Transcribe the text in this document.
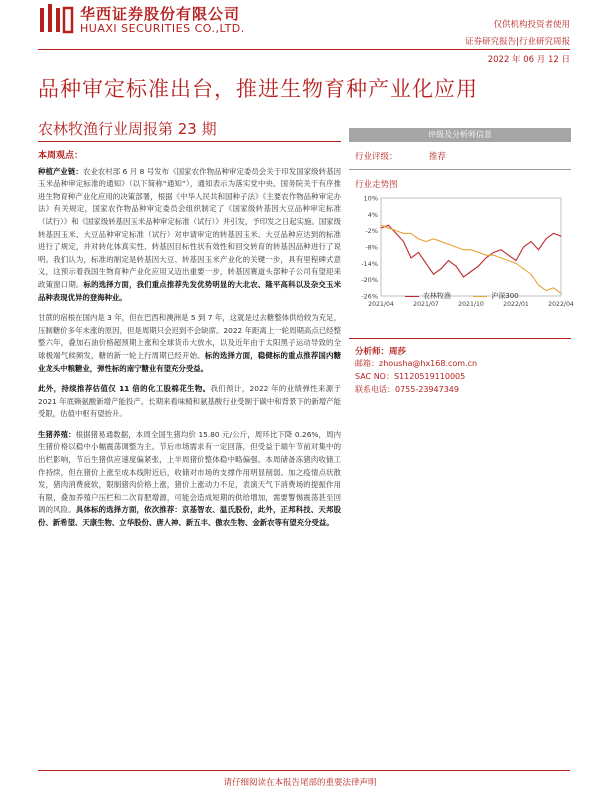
华西证券股份有限公司
HUAXI SECURITIES CO.,LTD.	仅供机构投资者使用
证券研究报告|行业研究周报
2022 年 06 月 12 日
品种审定标准出台，推进生物育种产业化应用
农林牧渔行业周报第 23 期
本周观点：

种植产业链：农业农村部 6 月 8 号发布《国家农作物品种审定委员会关于印发国家级转基因玉米品种审定标准的通知》（以下简称“通知”），通知表示为落实党中央、国务院关于有序推进生物育种产业化应用的决策部署，根据《中华人民共和国种子法》《主要农作物品种审定办法》有关规定，国家农作物品种审定委员会组织制定了《国家级转基因大豆品种审定标准（试行）》和《国家级转基因玉米品种审定标准（试行）》并引发，予印发之日起实施。国家级转基因玉米、大豆品种审定标准（试行）对申请审定的转基因玉米、大豆品种应达到的标准进行了规定，并对转化体真实性、转基因目标性状有效性和回交转育的转基因品种进行了说明。我们认为，标准的制定是转基因大豆、转基因玉米产业化的关键一步，具有里程碑式意义，这预示着我国生物育种产业化应用又迈出重要一步，转基因赛道头部种子公司有望迎来政策窗口期。标的选择方面，我们重点推荐先发优势明显的大北农、隆平高科以及杂交玉米品种表现优异的登海种业。

甘蔗的宿根在国内是 3 年，但在巴西和澳洲是 5 到 7 年，这就是过去糖整体供给较为充足，压制糖价多年未涨的原因，但是周期只会迟到不会缺席。2022 年距离上一轮周期高点已经整整六年，叠加石油价格超预期上涨和全球货币大放水，以及近年由于太阳黑子运动导致的全球极端气候频发，糖的新一轮上行周期已经开始。标的选择方面，稳健标的重点推荐国内糖业龙头中粮糖业，弹性标的南宁糖业有望充分受益。

此外，持续推荐估值仅 11 倍的化工股棉花生物。我们预计，2022 年的业绩弹性来源于 2021 年底赖氨酸新增产能投产。长期来看味精和氨基酸行业受制于碳中和背景下的新增产能受限，估值中枢有望抬升。

生猪养殖：根据猪易通数据，本周全国生猪均价 15.80 元/公斤，周环比下降 0.26%，周内生猪价格以稳中小幅震荡调整为主。节后市场需求有一定回落，但受益于端午节前对集中的出栏影响，节后生猪供应速度偏紧张，上半周猪价整体稳中略偏强。本周储备冻猪肉收储工作持续，但在猪价上涨至成本线附近后，收储对市场的支撑作用明显削弱。加之疫情点状散发，猪肉消费疲软，限制猪肉价格上涨，猪价上涨动力不足，表演天气下消费场的提振作用有限，叠加养殖户压栏和二次育肥增源，可能会造成短期的供给增加，需要警惕震荡甚至回调的风险。具体标的选择方面，依次推荐：京基智农、温氏股份，此外，正邦科技、天邦股份、新希望、天康生物、立华股份、唐人神、新五丰、傲农生物、金新农等有望充分受益。

评级及分析师信息
行业评级：	推荐
行业走势图
10%
4%
-2%
-8%
-14%
-20%
-26%
2021/04	2021/07	2021/10	2022/01	2022/04
农林牧渔	沪深300
分析师：周莎
邮箱：zhousha@hx168.com.cn
SAC NO：S1120519110005
联系电话：0755-23947349
请仔细阅读在本报告尾部的重要法律声明
